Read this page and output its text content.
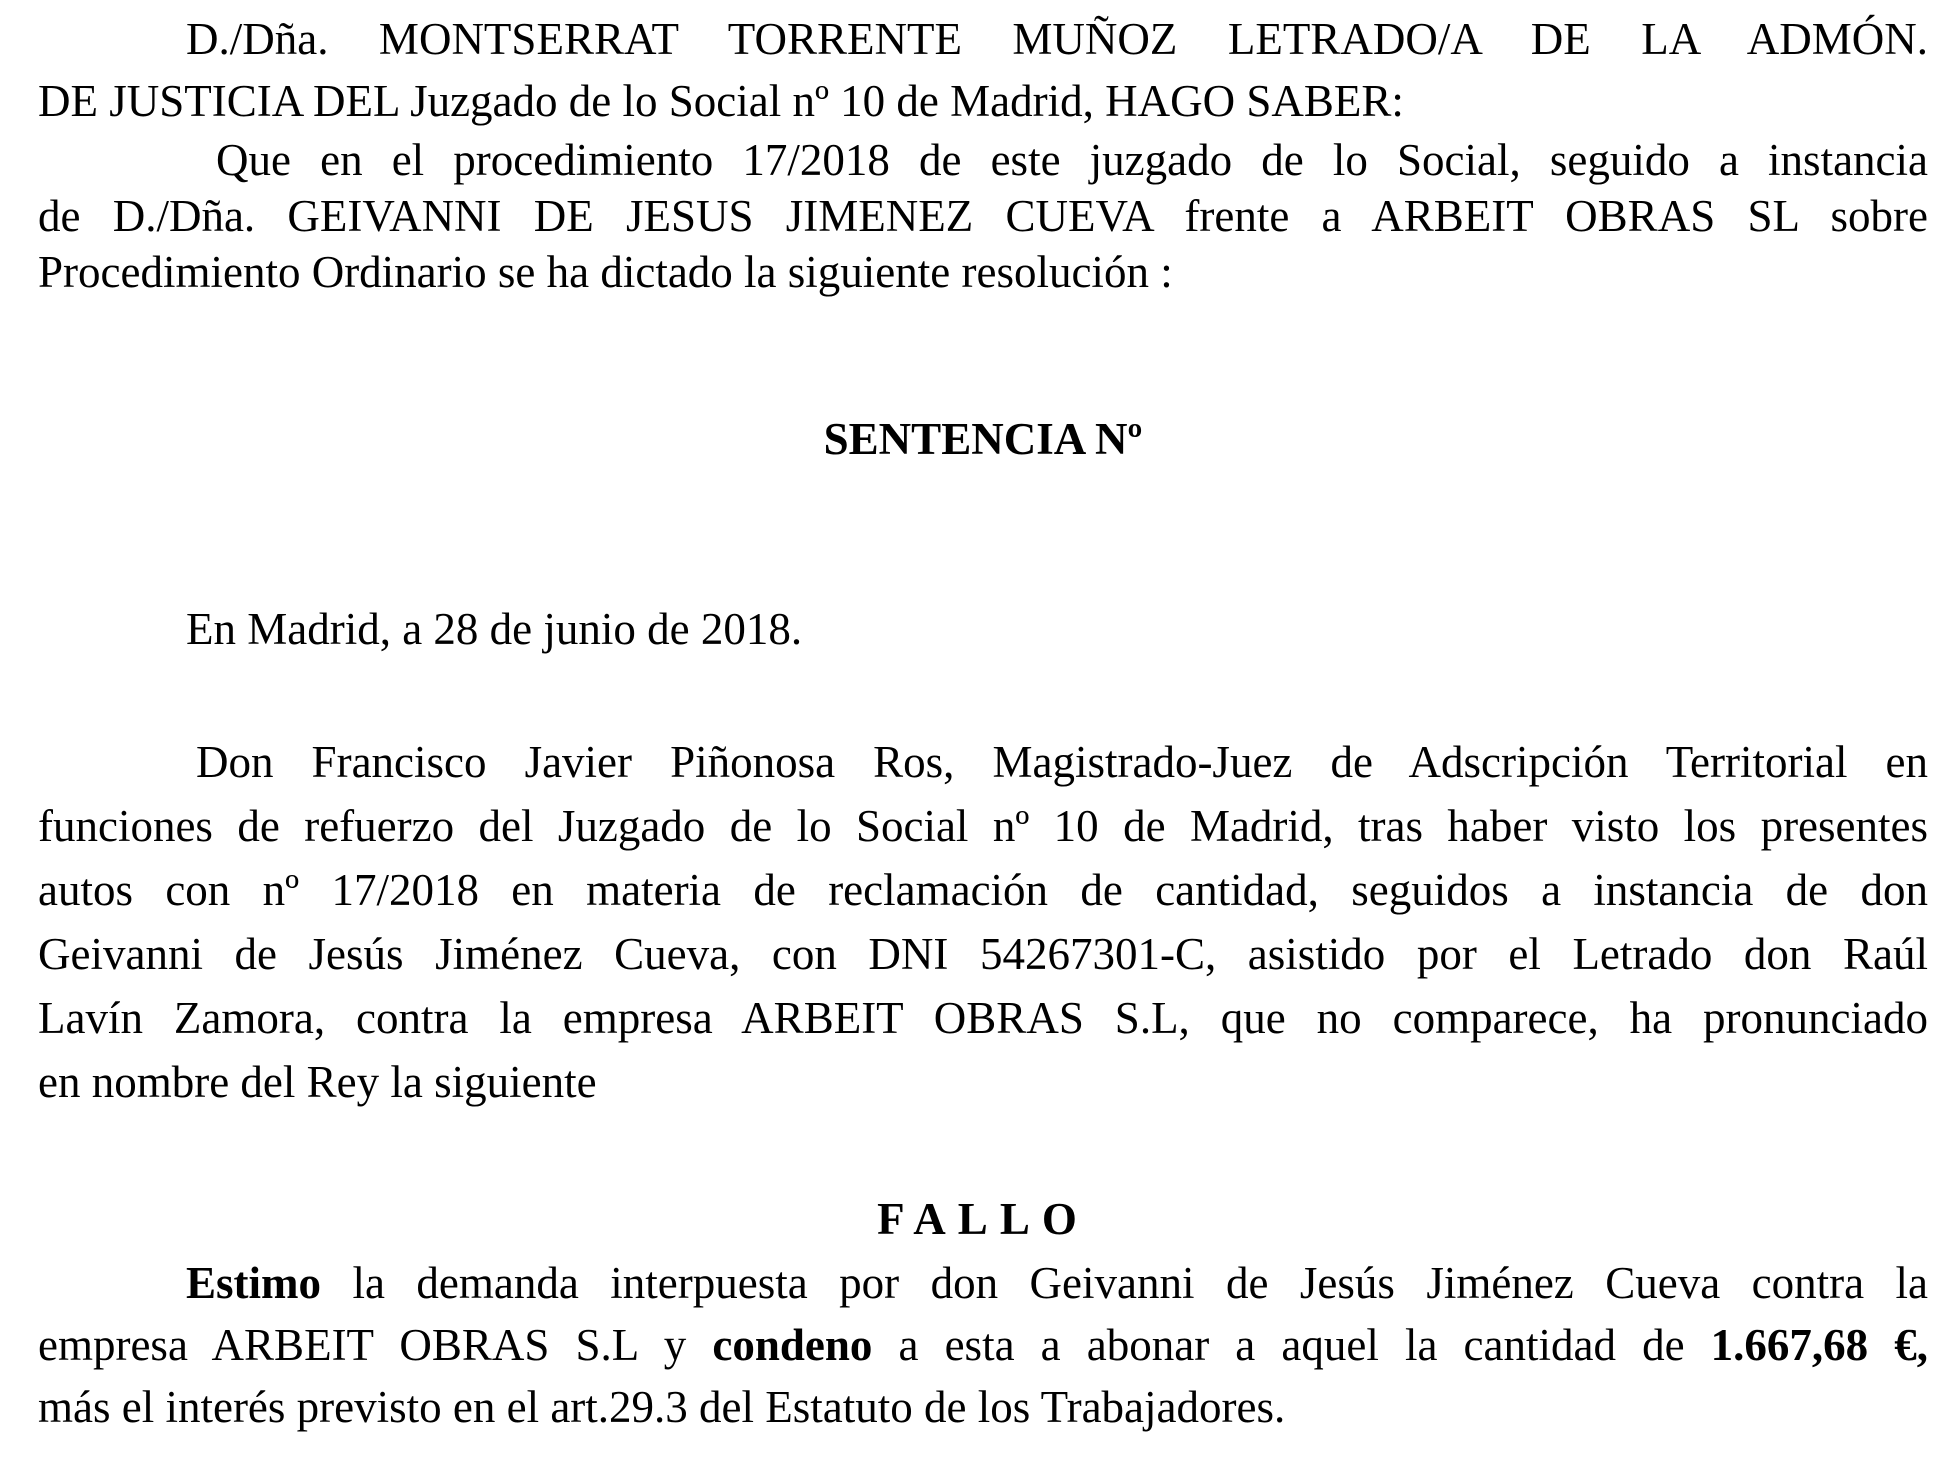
D./Dña. MONTSERRAT TORRENTE MUÑOZ LETRADO/A DE LA ADMÓN.
DE JUSTICIA DEL Juzgado de lo Social nº 10 de Madrid, HAGO SABER:
Que en el procedimiento 17/2018 de este juzgado de lo Social, seguido a instancia
de D./Dña. GEIVANNI DE JESUS JIMENEZ CUEVA frente a ARBEIT OBRAS SL sobre
Procedimiento Ordinario se ha dictado la siguiente resolución :
SENTENCIA Nº
En Madrid, a 28 de junio de 2018.
Don Francisco Javier Piñonosa Ros, Magistrado-Juez de Adscripción Territorial en
funciones de refuerzo del Juzgado de lo Social nº 10 de Madrid, tras haber visto los presentes
autos con nº 17/2018 en materia de reclamación de cantidad, seguidos a instancia de don
Geivanni de Jesús Jiménez Cueva, con DNI 54267301-C, asistido por el Letrado don Raúl
Lavín Zamora, contra la empresa ARBEIT OBRAS S.L, que no comparece, ha pronunciado
en nombre del Rey la siguiente
FALLO
Estimo la demanda interpuesta por don Geivanni de Jesús Jiménez Cueva contra la
empresa ARBEIT OBRAS S.L y condeno a esta a abonar a aquel la cantidad de 1.667,68 €,
más el interés previsto en el art.29.3 del Estatuto de los Trabajadores.
